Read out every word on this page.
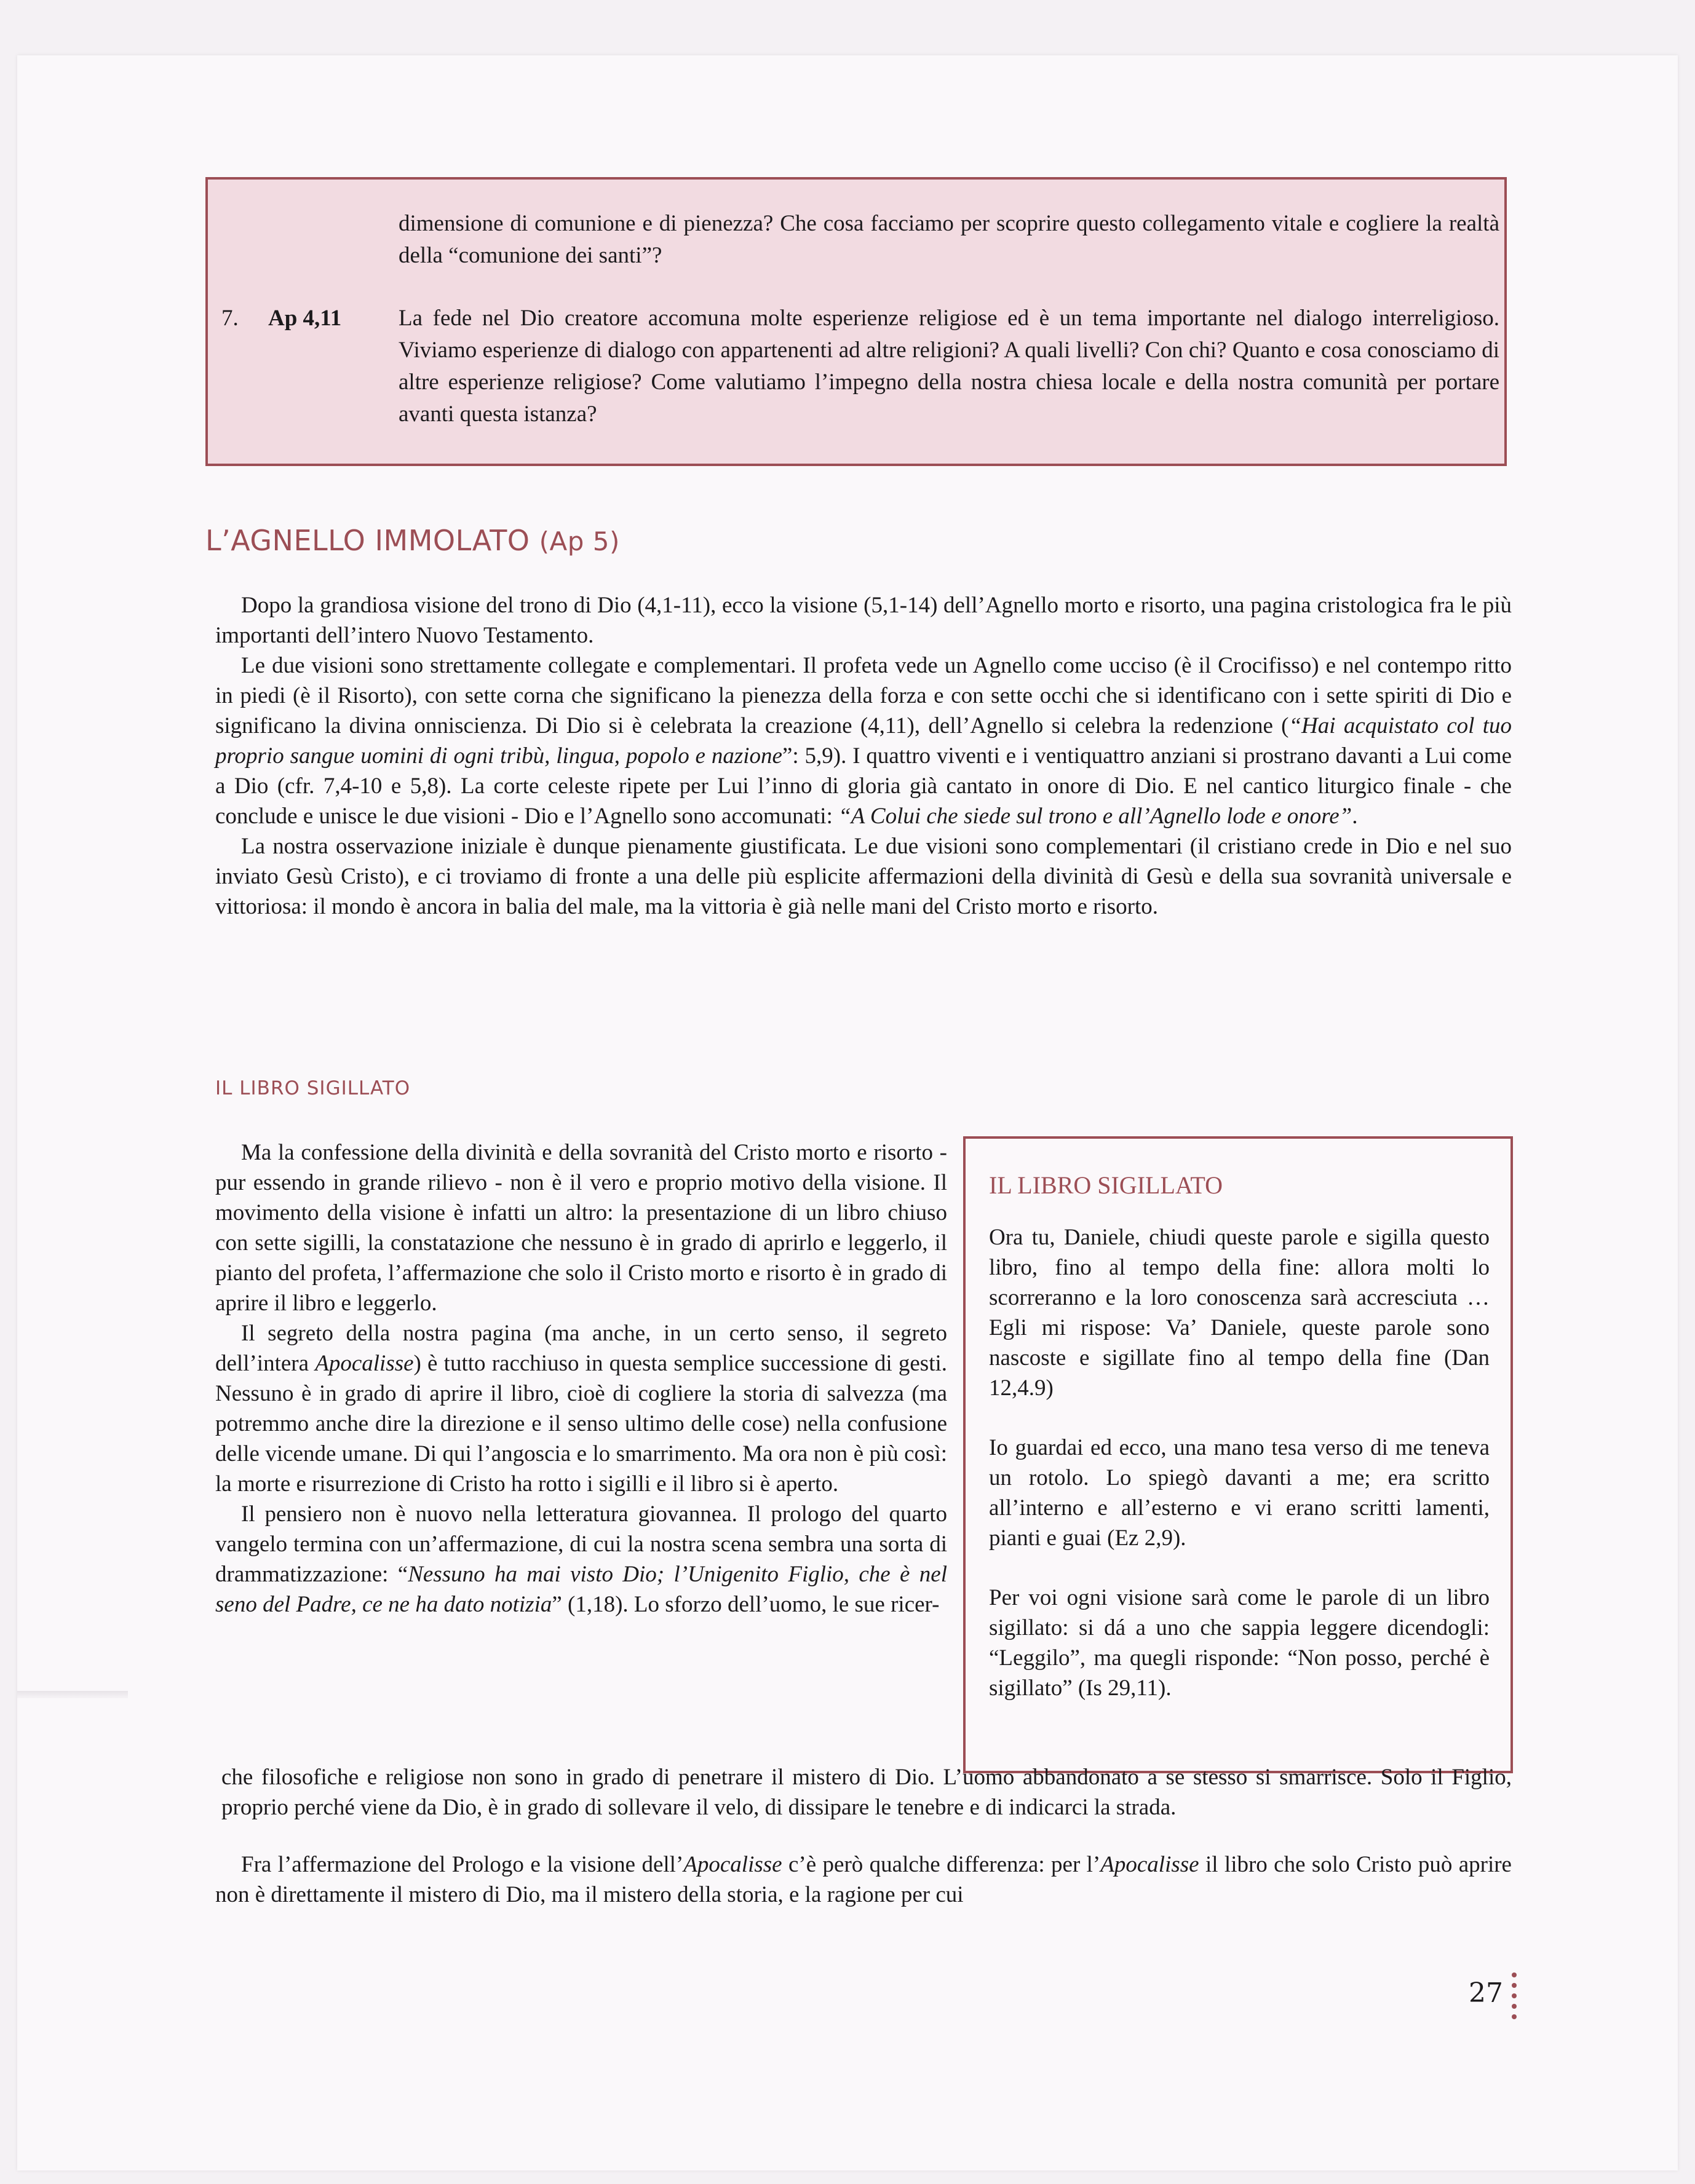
dimensione di comunione e di pienezza? Che cosa facciamo per scoprire questo collegamento vitale e cogliere la realtà della “comunione dei santi”?

7. Ap 4,11	La fede nel Dio creatore accomuna molte esperienze religiose ed è un tema importante nel dialogo interreligioso. Viviamo esperienze di dialogo con appartenenti ad altre religioni? A quali livelli? Con chi? Quanto e cosa conosciamo di altre esperienze religiose? Come valutiamo l’impegno della nostra chiesa locale e della nostra comunità per portare avanti questa istanza?

L’AGNELLO IMMOLATO (Ap 5)

Dopo la grandiosa visione del trono di Dio (4,1-11), ecco la visione (5,1-14) dell’Agnello morto e risorto, una pagina cristologica fra le più importanti dell’intero Nuovo Testamento.

Le due visioni sono strettamente collegate e complementari. Il profeta vede un Agnello come ucciso (è il Crocifisso) e nel contempo ritto in piedi (è il Risorto), con sette corna che significano la pienezza della forza e con sette occhi che si identificano con i sette spiriti di Dio e significano la divina onniscienza. Di Dio si è celebrata la creazione (4,11), dell’Agnello si celebra la redenzione (“Hai acquistato col tuo proprio sangue uomini di ogni tribù, lingua, popolo e nazione”: 5,9). I quattro viventi e i ventiquattro anziani si prostrano davanti a Lui come a Dio (cfr. 7,4-10 e 5,8). La corte celeste ripete per Lui l’inno di gloria già cantato in onore di Dio. E nel cantico liturgico finale - che conclude e unisce le due visioni - Dio e l’Agnello sono accomunati: “A Colui che siede sul trono e all’Agnello lode e onore”.

La nostra osservazione iniziale è dunque pienamente giustificata. Le due visioni sono complementari (il cristiano crede in Dio e nel suo inviato Gesù Cristo), e ci troviamo di fronte a una delle più esplicite affermazioni della divinità di Gesù e della sua sovranità universale e vittoriosa: il mondo è ancora in balia del male, ma la vittoria è già nelle mani del Cristo morto e risorto.

IL LIBRO SIGILLATO

Ma la confessione della divinità e della sovranità del Cristo morto e risorto - pur essendo in grande rilievo - non è il vero e proprio motivo della visione. Il movimento della visione è infatti un altro: la presentazione di un libro chiuso con sette sigilli, la constatazione che nessuno è in grado di aprirlo e leggerlo, il pianto del profeta, l’affermazione che solo il Cristo morto e risorto è in grado di aprire il libro e leggerlo.

Il segreto della nostra pagina (ma anche, in un certo senso, il segreto dell’intera Apocalisse) è tutto racchiuso in questa semplice successione di gesti. Nessuno è in grado di aprire il libro, cioè di cogliere la storia di salvezza (ma potremmo anche dire la direzione e il senso ultimo delle cose) nella confusione delle vicende umane. Di qui l’angoscia e lo smarrimento. Ma ora non è più così: la morte e risurrezione di Cristo ha rotto i sigilli e il libro si è aperto.

Il pensiero non è nuovo nella letteratura giovannea. Il prologo del quarto vangelo termina con un’affermazione, di cui la nostra scena sembra una sorta di drammatizzazione: “Nessuno ha mai visto Dio; l’Unigenito Figlio, che è nel seno del Padre, ce ne ha dato notizia” (1,18). Lo sforzo dell’uomo, le sue ricer-

IL LIBRO SIGILLATO

Ora tu, Daniele, chiudi queste parole e sigilla questo libro, fino al tempo della fine: allora molti lo scorreranno e la loro conoscenza sarà accresciuta … Egli mi rispose: Va’ Daniele, queste parole sono nascoste e sigillate fino al tempo della fine (Dan 12,4.9)

Io guardai ed ecco, una mano tesa verso di me teneva un rotolo. Lo spiegò davanti a me; era scritto all’interno e all’esterno e vi erano scritti lamenti, pianti e guai (Ez 2,9).

Per voi ogni visione sarà come le parole di un libro sigillato: si dá a uno che sappia leggere dicendogli: “Leggilo”, ma quegli risponde: “Non posso, perché è sigillato” (Is 29,11).

che filosofiche e religiose non sono in grado di penetrare il mistero di Dio. L’uomo abbandonato a se stesso si smarrisce. Solo il Figlio, proprio perché viene da Dio, è in grado di sollevare il velo, di dissipare le tenebre e di indicarci la strada.

Fra l’affermazione del Prologo e la visione dell’Apocalisse c’è però qualche differenza: per l’Apocalisse il libro che solo Cristo può aprire non è direttamente il mistero di Dio, ma il mistero della storia, e la ragione per cui

27
